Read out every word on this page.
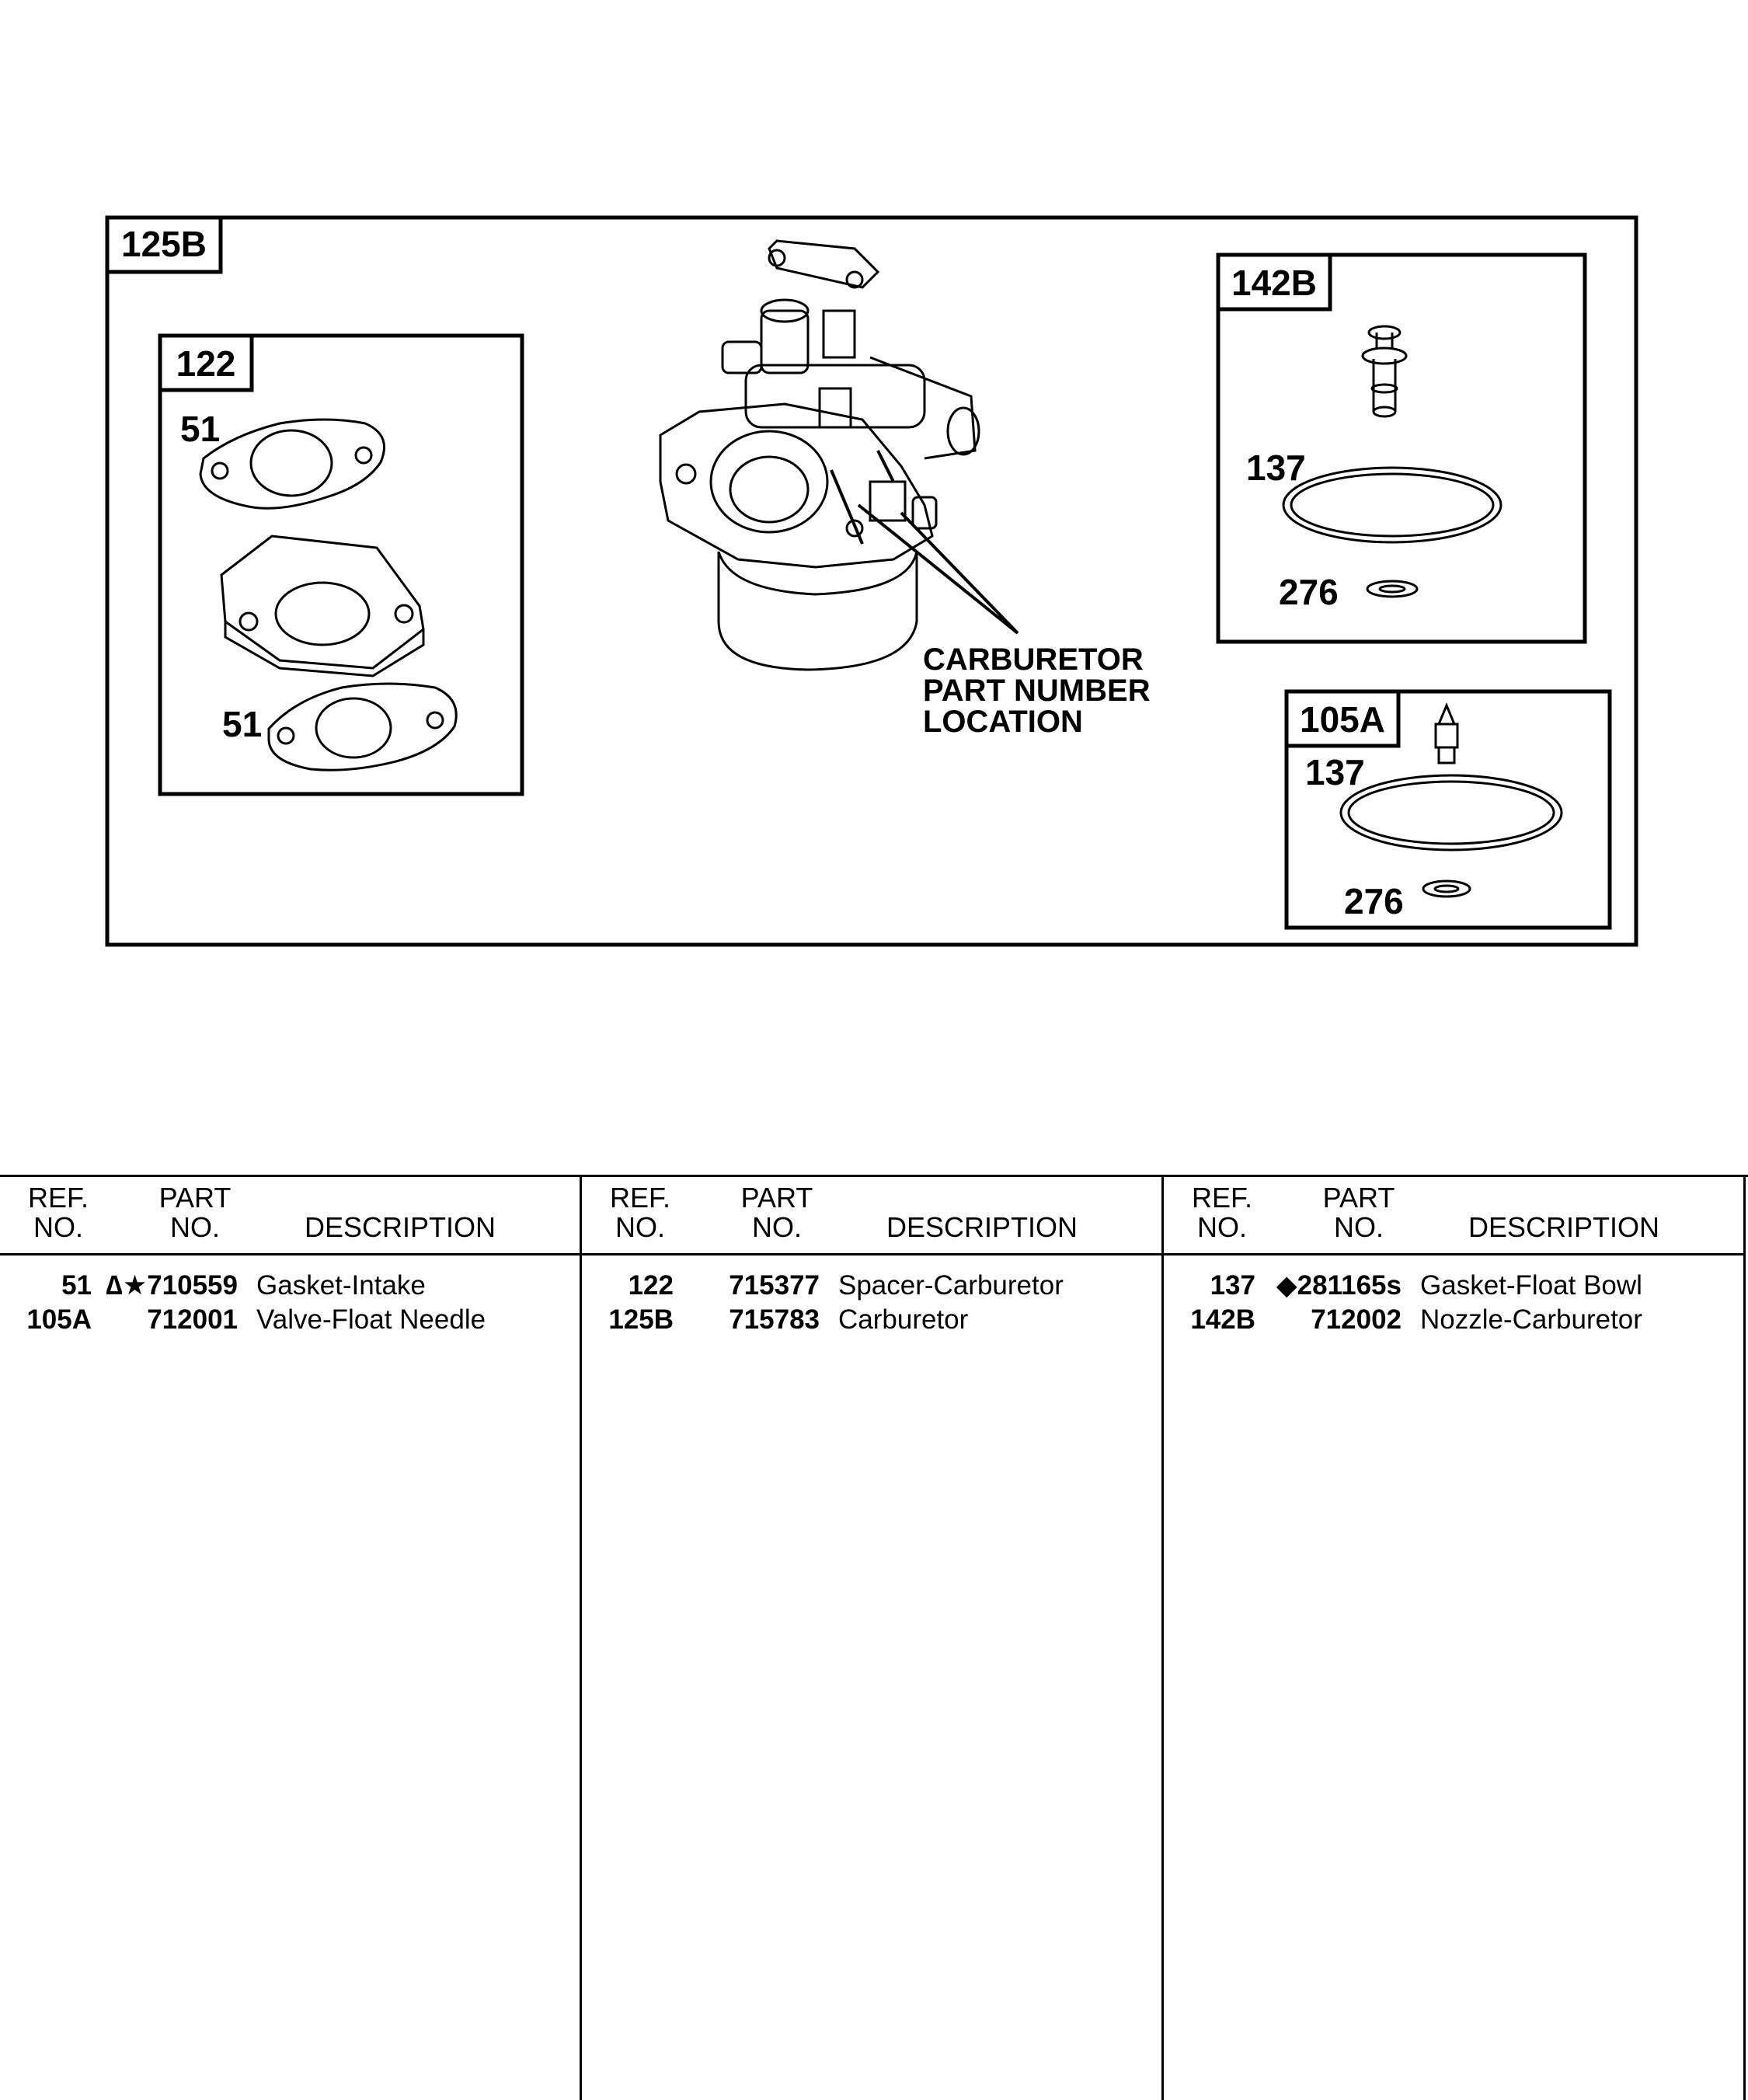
125B
122
51
51
CARBURETOR
PART NUMBER
LOCATION
142B
137
276
105A
137
276
REF.
NO.
PART
NO.	DESCRIPTION
51 ∆★710559 Gasket-Intake
105A 712001 Valve-Float Needle
REF.
NO.
PART
NO.	DESCRIPTION
122 715377 Spacer-Carburetor
125B 715783 Carburetor
REF.
NO.
PART
NO.	DESCRIPTION
137 ◆281165s Gasket-Float Bowl
142B 712002 Nozzle-Carburetor
